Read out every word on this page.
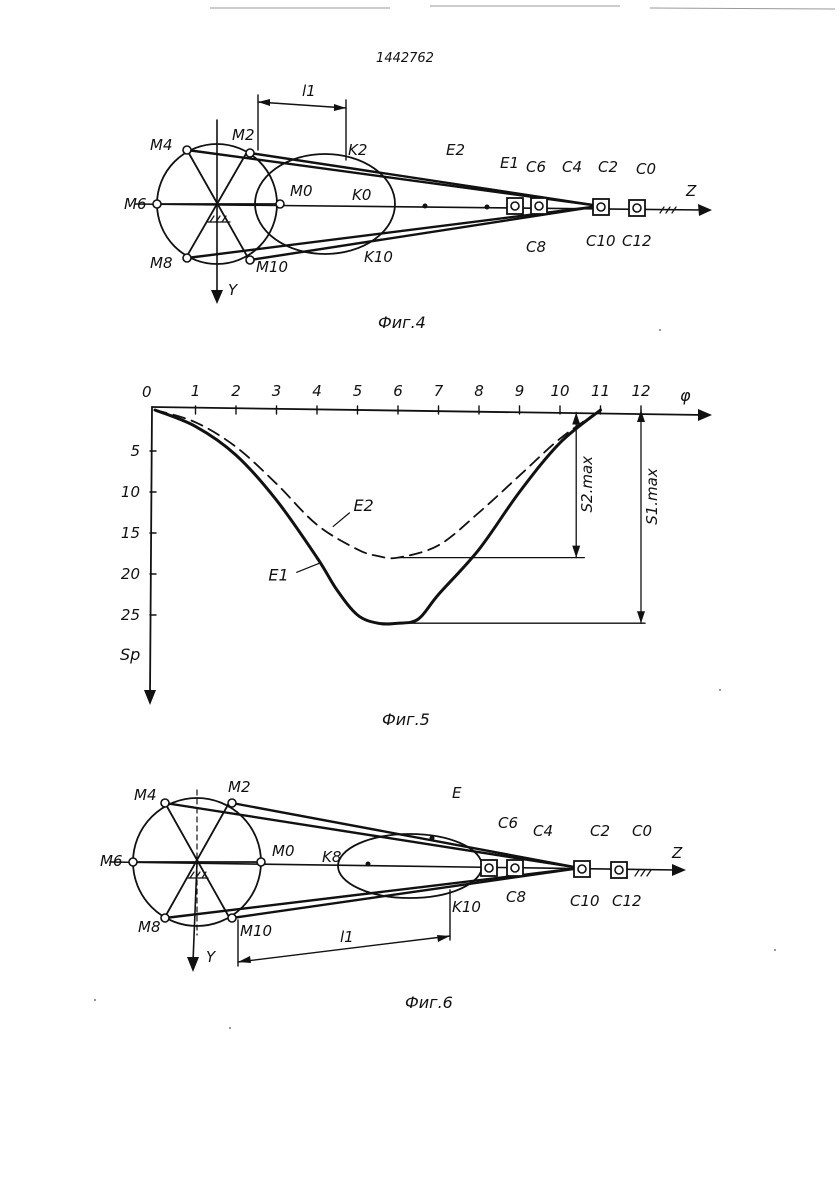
1442762
l1
M4
M2
K2	E2
E1 C6 C4 C2 C0
Z
M6
M0	K0
C8	C10 C12
M8	M10
K10
Y
Фиг.4
1 2 3 4 5 6 7 8 9 10 11 12
5
10
15
20
25
E2
E1
S2.max	S1.max
φ
Sp
0
Фиг.5
M4	M2	E
C6 C4 C2 C0
Z
M6
M0 K8
C8	C10 C12
K10
M8	M10	l1
Y
Фиг.6
